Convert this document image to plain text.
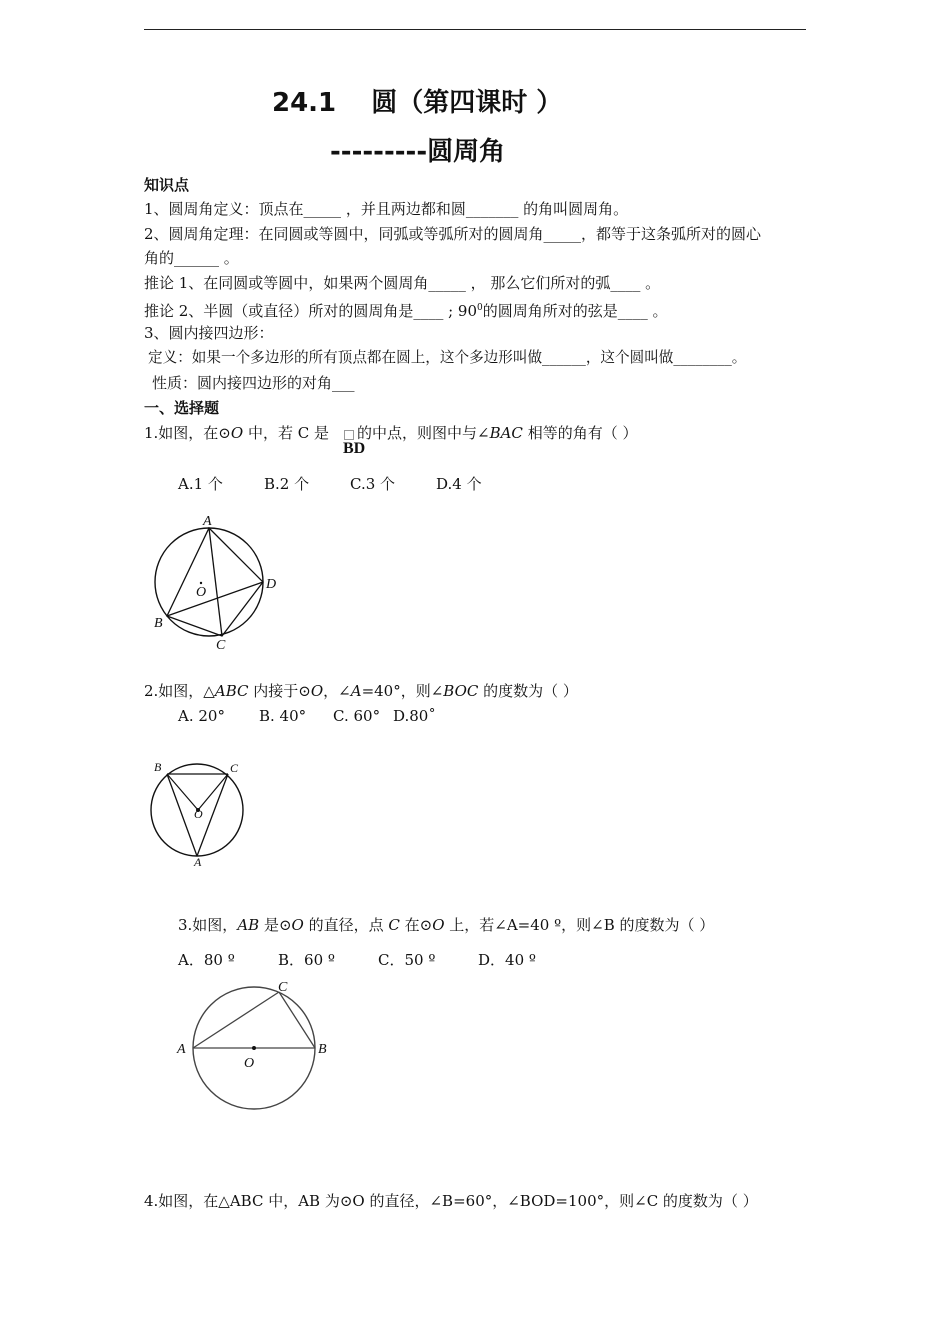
24.1　 圆（第四课时 ）
---------圆周角
知识点
1、圆周角定义：顶点在_____ ，并且两边都和圆_______ 的角叫圆周角。
2、圆周角定理：在同圆或等圆中，同弧或等弧所对的圆周角_____，都等于这条弧所对的圆心
角的______ 。
推论 1、在同圆或等圆中，如果两个圆周角_____ ， 那么它们所对的弧____ 。
推论 2、半圆（或直径）所对的圆周角是____ ; $90^0$的圆周角所对的弦是____ 。
3、圆内接四边形：
定义：如果一个多边形的所有顶点都在圆上，这个多边形叫做______，这个圆叫做________。
性质：圆内接四边形的对角___
一、选择题
1.如图，在⊙O 中，若 C 是 的中点，则图中与∠BAC 相等的角有（ ）
BD
A.1 个	B.2 个	C.3 个	D.4 个
A
B
C
D
O
2.如图，△ABC 内接于⊙O，∠A=40°，则∠BOC 的度数为（ ）
A. 20° B. 40° C. 60° D.80˚
B	C
O
A
3.如图，AB 是⊙O 的直径，点 C 在⊙O 上，若∠A=40 º，则∠B 的度数为（ ）
A．80 º	B．60 º	C．50 º	D．40 º
C
A
O
B
4.如图，在△ABC 中，AB 为⊙O 的直径，∠B=60°，∠BOD=100°，则∠C 的度数为（ ）
